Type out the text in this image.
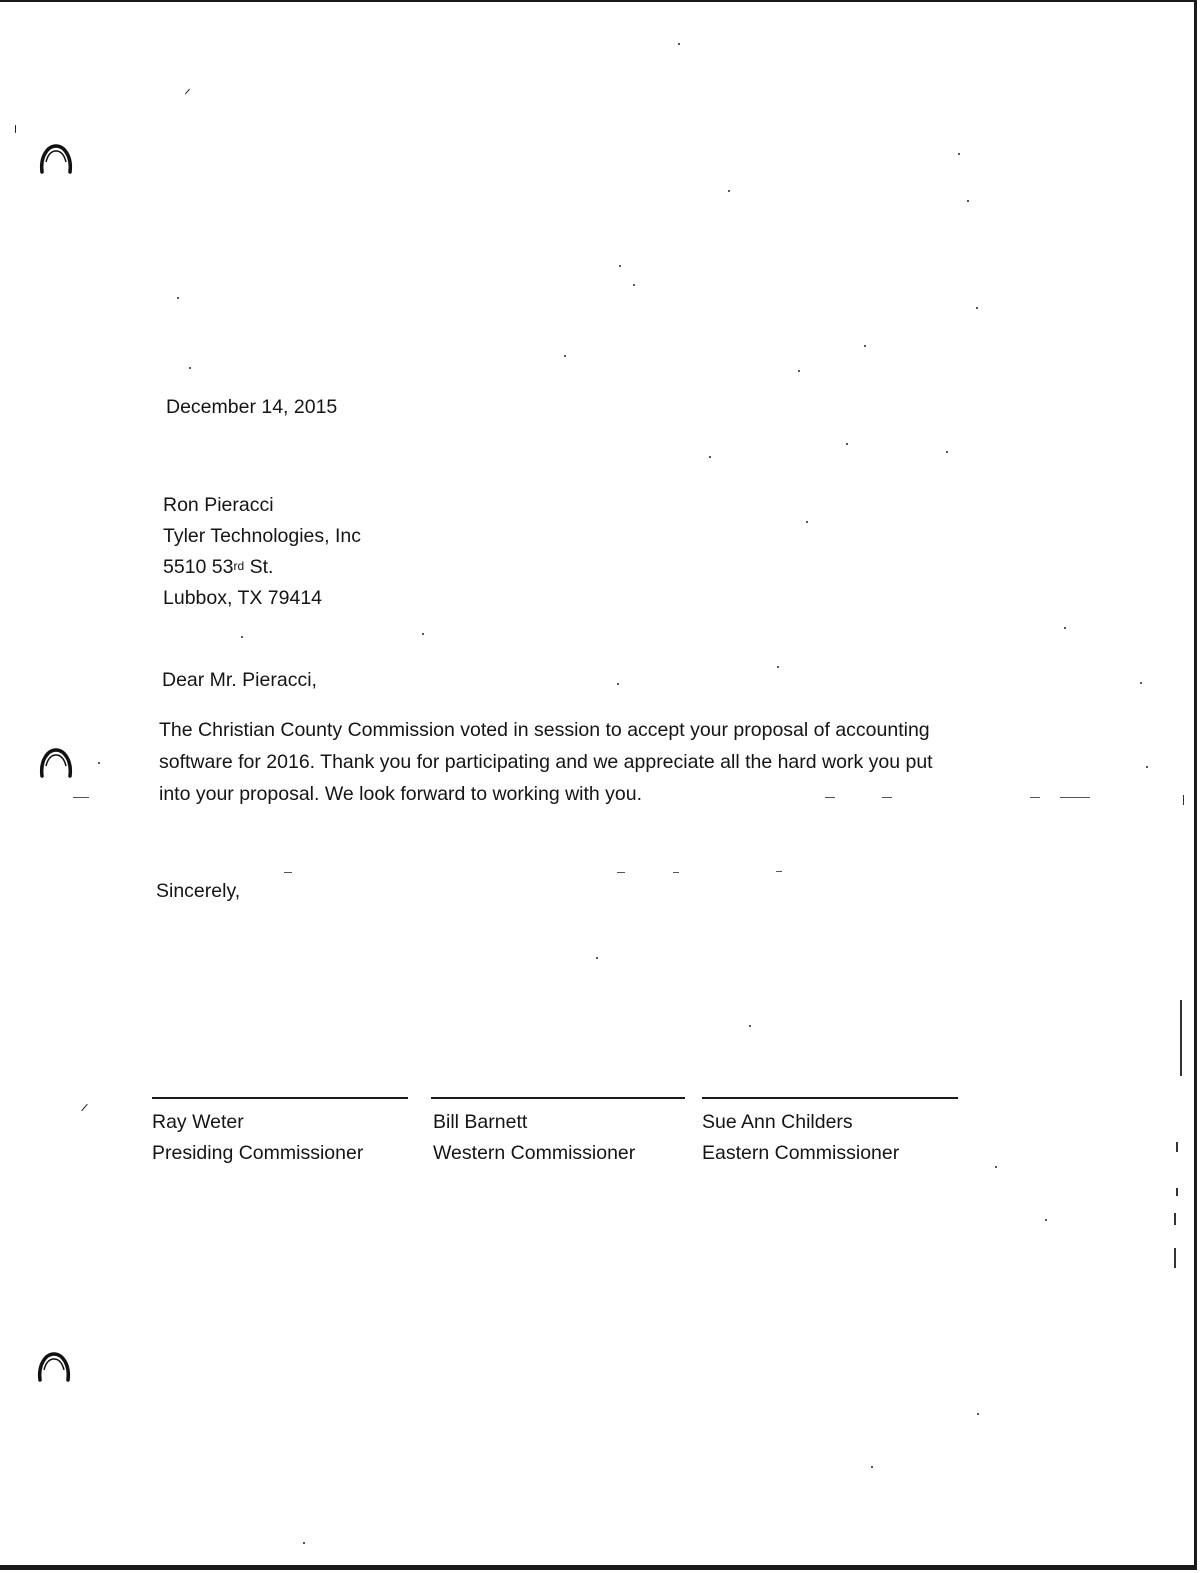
December 14, 2015
Ron Pieracci
Tyler Technologies, Inc
5510 53rd St.
Lubbox, TX 79414
Dear Mr. Pieracci,
The Christian County Commission voted in session to accept your proposal of accounting
software for 2016. Thank you for participating and we appreciate all the hard work you put
into your proposal. We look forward to working with you.
Sincerely,
Ray Weter
Presiding Commissioner
Bill Barnett
Western Commissioner
Sue Ann Childers
Eastern Commissioner
